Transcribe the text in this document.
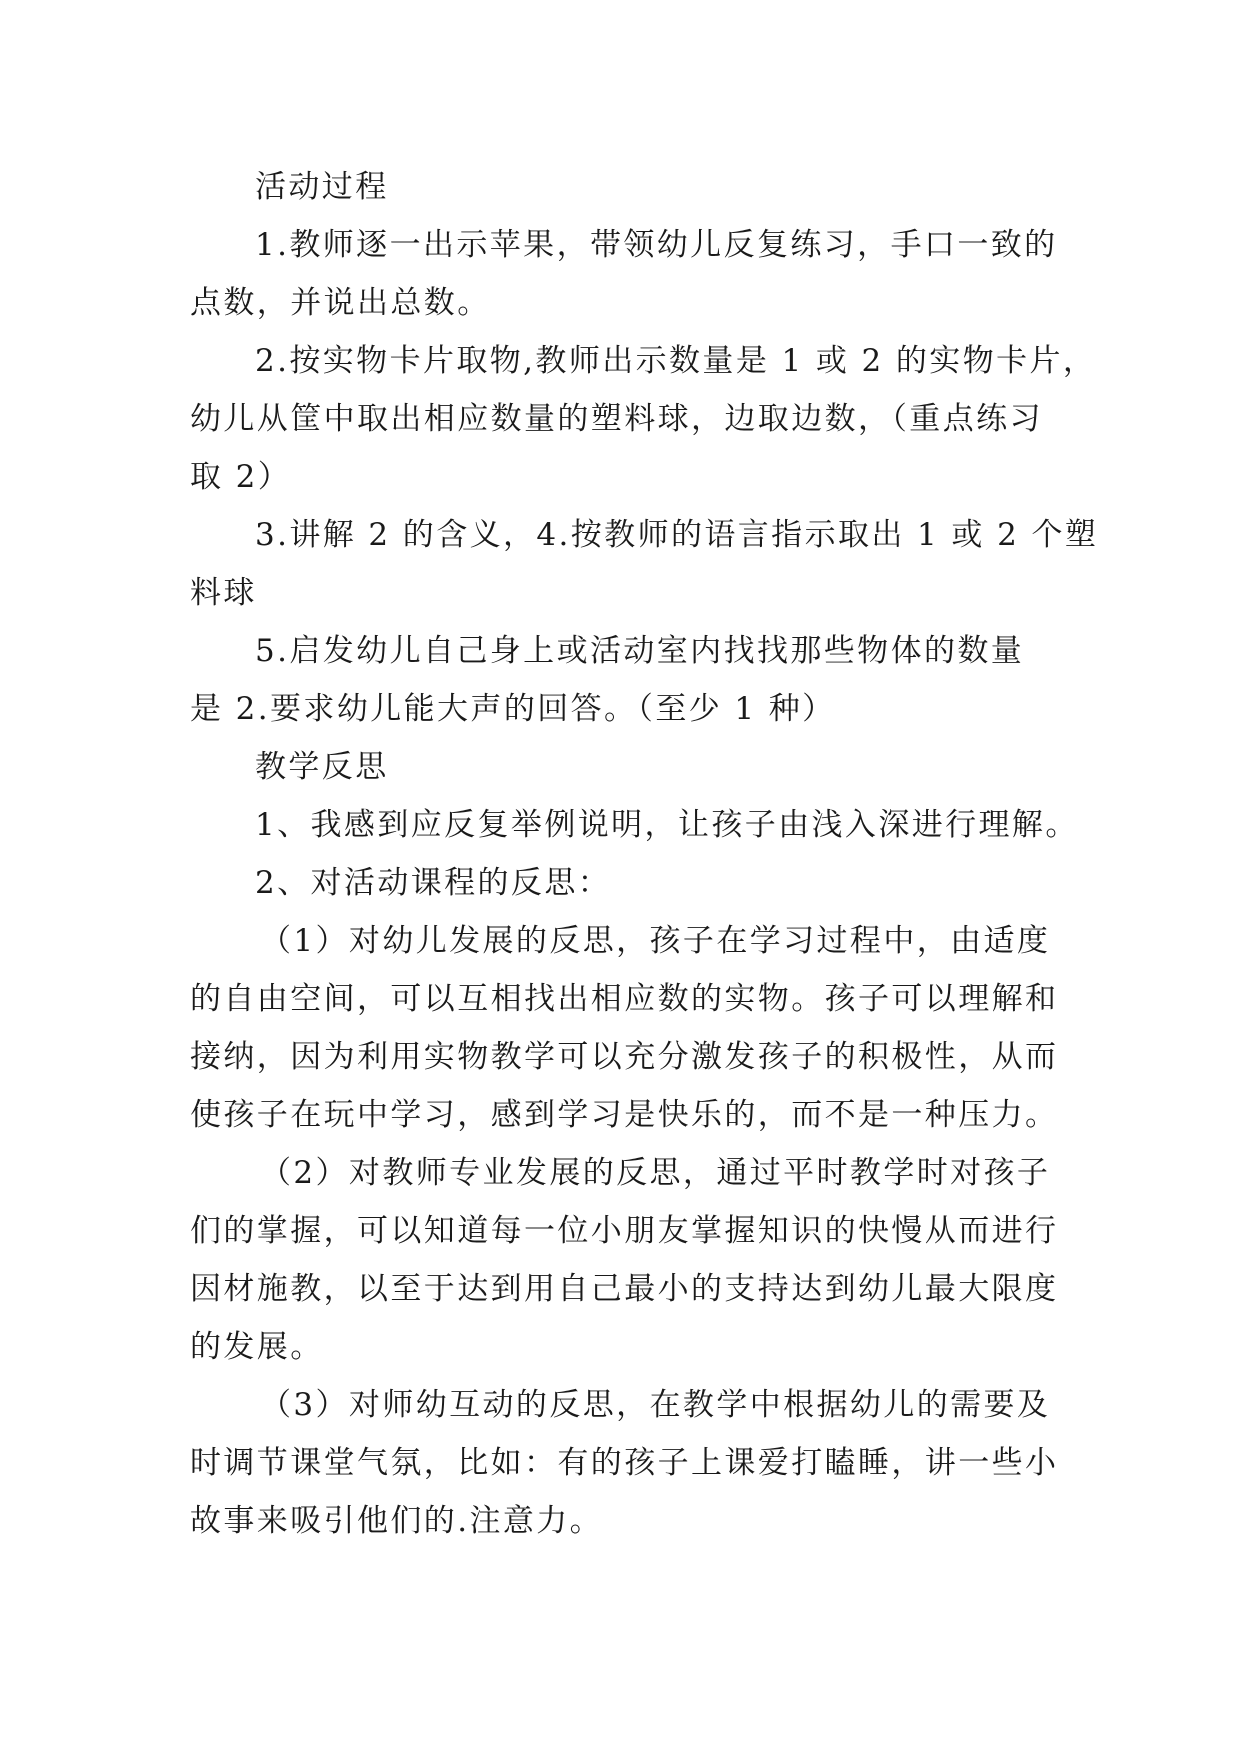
活动过程
1.教师逐一出示苹果，带领幼儿反复练习，手口一致的
点数，并说出总数。
2.按实物卡片取物,教师出示数量是 1 或 2 的实物卡片，
幼儿从筐中取出相应数量的塑料球，边取边数，（重点练习
取 2）
3.讲解 2 的含义，4.按教师的语言指示取出 1 或 2 个塑
料球
5.启发幼儿自己身上或活动室内找找那些物体的数量
是 2.要求幼儿能大声的回答。（至少 1 种）
教学反思
1、我感到应反复举例说明，让孩子由浅入深进行理解。
2、对活动课程的反思：
（1）对幼儿发展的反思，孩子在学习过程中，由适度
的自由空间，可以互相找出相应数的实物。孩子可以理解和
接纳，因为利用实物教学可以充分激发孩子的积极性，从而
使孩子在玩中学习，感到学习是快乐的，而不是一种压力。
（2）对教师专业发展的反思，通过平时教学时对孩子
们的掌握，可以知道每一位小朋友掌握知识的快慢从而进行
因材施教，以至于达到用自己最小的支持达到幼儿最大限度
的发展。
（3）对师幼互动的反思，在教学中根据幼儿的需要及
时调节课堂气氛，比如：有的孩子上课爱打瞌睡，讲一些小
故事来吸引他们的.注意力。
